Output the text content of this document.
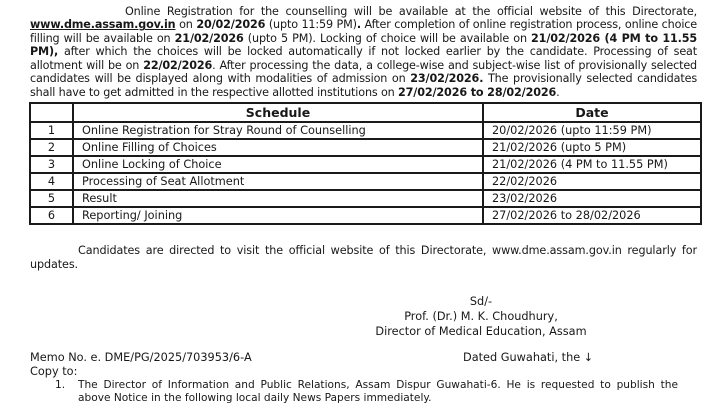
Online Registration for the counselling will be available at the official website of this Directorate, www.dme.assam.gov.in on 20/02/2026 (upto 11:59 PM). After completion of online registration process, online choice filling will be available on 21/02/2026 (upto 5 PM). Locking of choice will be available on 21/02/2026 (4 PM to 11.55 PM), after which the choices will be locked automatically if not locked earlier by the candidate. Processing of seat allotment will be on 22/02/2026. After processing the data, a college-wise and subject-wise list of provisionally selected candidates will be displayed along with modalities of admission on 23/02/2026. The provisionally selected candidates shall have to get admitted in the respective allotted institutions on 27/02/2026 to 28/02/2026.

	Schedule	Date
1	Online Registration for Stray Round of Counselling	20/02/2026 (upto 11:59 PM)
2	Online Filling of Choices	21/02/2026 (upto 5 PM)
3	Online Locking of Choice	21/02/2026 (4 PM to 11.55 PM)
4	Processing of Seat Allotment	22/02/2026
5	Result	23/02/2026
6	Reporting/ Joining	27/02/2026 to 28/02/2026

Candidates are directed to visit the official website of this Directorate, www.dme.assam.gov.in regularly for updates.

Sd/-
Prof. (Dr.) M. K. Choudhury,
Director of Medical Education, Assam
Memo No. e. DME/PG/2025/703953/6-A	Dated Guwahati, the ↓
Copy to:
1.	The Director of Information and Public Relations, Assam Dispur Guwahati-6. He is requested to publish the above Notice in the following local daily News Papers immediately.
